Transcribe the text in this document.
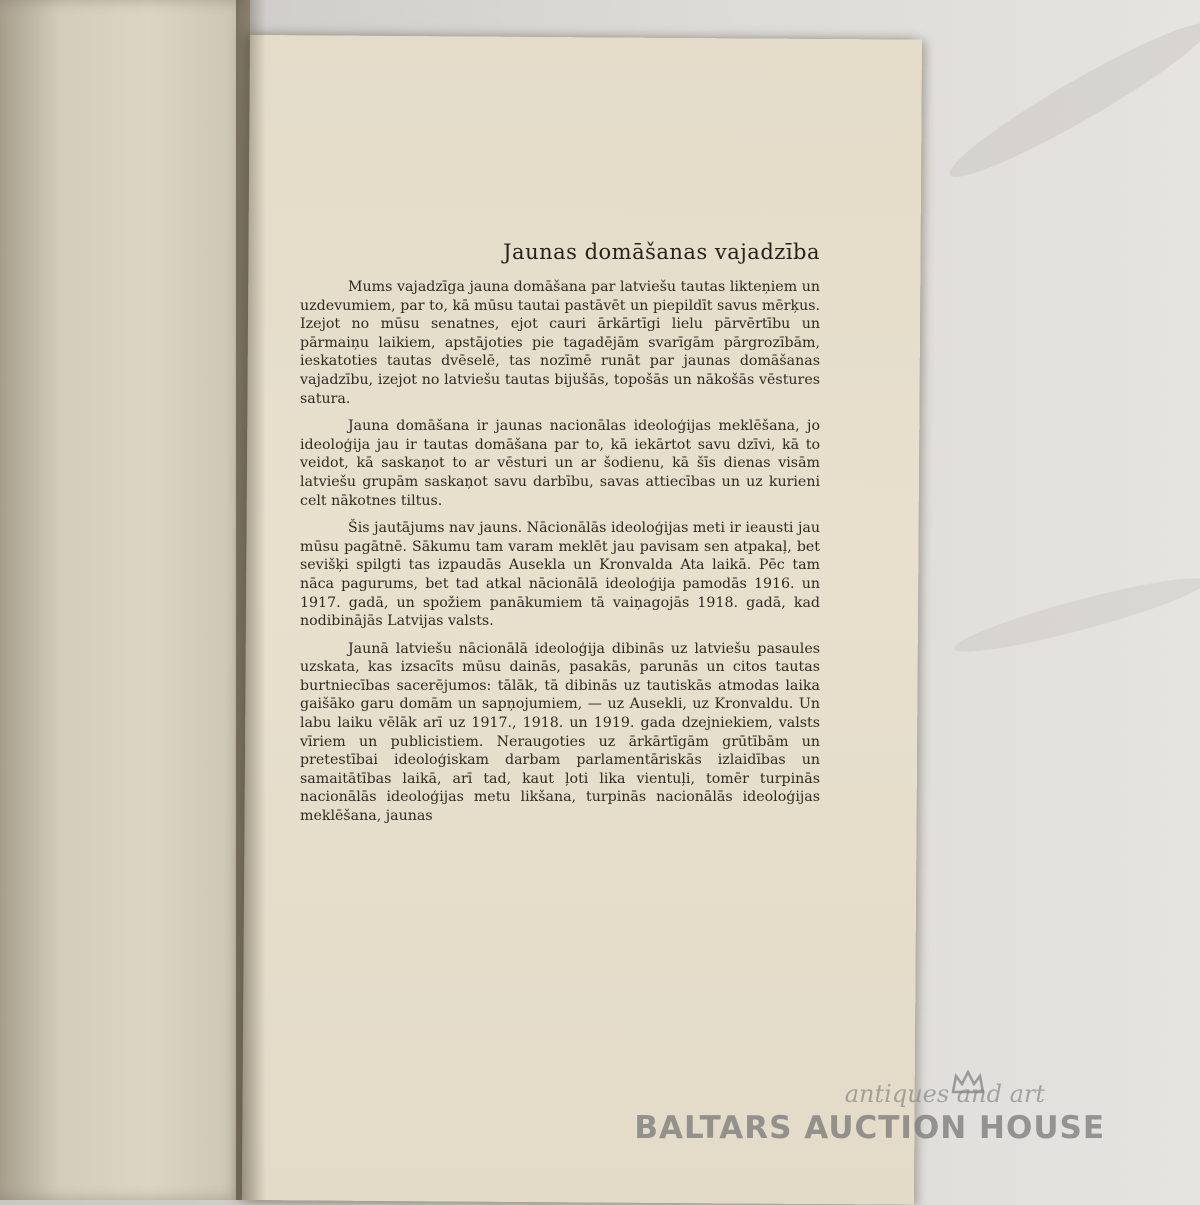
Jaunas domāšanas vajadzība

Mums vajadzīga jauna domāšana par latviešu tautas likteņiem un uzdevumiem, par to, kā mūsu tautai pastāvēt un piepildīt savus mērķus. Izejot no mūsu senatnes, ejot cauri ārkārtīgi lielu pārvērtību un pārmaiņu laikiem, apstājoties pie tagadējām svarīgām pārgrozībām, ieskatoties tautas dvēselē, tas nozīmē runāt par jaunas domāšanas vajadzību, izejot no latviešu tautas bijušās, topošās un nākošās vēstures satura.

Jauna domāšana ir jaunas nacionālas ideoloģijas meklēšana, jo ideoloģija jau ir tautas domāšana par to, kā iekārtot savu dzīvi, kā to veidot, kā saskaņot to ar vēsturi un ar šodienu, kā šīs dienas visām latviešu grupām saskaņot savu darbību, savas attiecības un uz kurieni celt nākotnes tiltus.

Šis jautājums nav jauns. Nācionālās ideoloģijas meti ir ieausti jau mūsu pagātnē. Sākumu tam varam meklēt jau pavisam sen atpakaļ, bet sevišķi spilgti tas izpaudās Auseklа un Kronvalda Ata laikā. Pēc tam nāca pagurums, bet tad atkal nācionālā ideoloģija pamodās 1916. un 1917. gadā, un spožiem panākumiem tā vaiņagojās 1918. gadā, kad nodibinājās Latvijas valsts.

Jaunā latviešu nācionālā ideoloģija dibinās uz latviešu pasaules uzskata, kas izsacīts mūsu dainās, pasakās, parunās un citos tautas burtniecības sacerējumos: tālāk, tā dibinās uz tautiskās atmodas laika gaišāko garu domām un sapņojumiem, — uz Ausekli, uz Kronvaldu. Un labu laiku vēlāk arī uz 1917., 1918. un 1919. gada dzejniekiem, valsts vīriem un publicistiem. Neraugoties uz ārkārtīgām grūtībām un pretestībai ideoloģiskam darbam parlamentāriskās izlaidības un samaitātības laikā, arī tad, kaut ļoti lika vientuļi, tomēr turpinās nacionālās ideoloģijas metu likšana, turpinās nacionālās ideoloģijas meklēšana, jaunas

antiques and art
BALTARS AUCTION HOUSE
